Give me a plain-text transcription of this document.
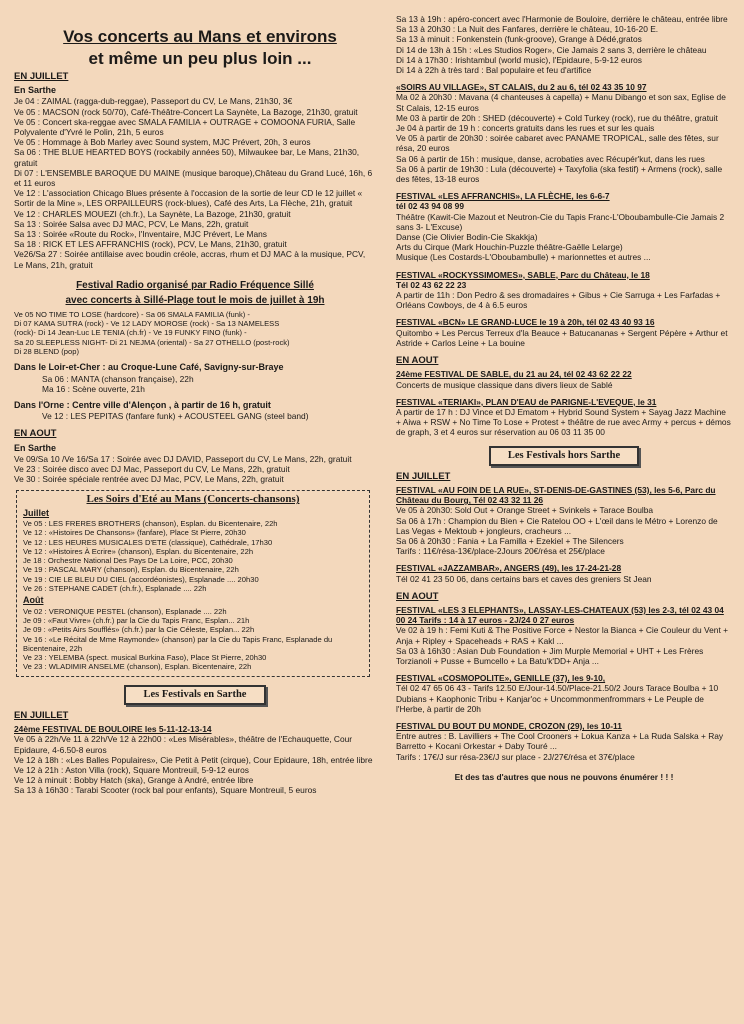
Vos concerts au Mans et environs
et même un peu plus loin ...
EN JUILLET
En Sarthe
Je 04 : ZAIMAL (ragga-dub-reggae), Passeport du CV, Le Mans, 21h30, 3€
Ve 05 : MACSON (rock 50/70), Café-Théâtre-Concert La Saynète, La Bazoge, 21h30, gratuit
Ve 05 : Concert ska-reggae avec SMALA FAMILIA + OUTRAGE + COMOONA FURIA, Salle Polyvalente d'Yvré le Polin, 21h, 5 euros
Ve 05 : Hommage à Bob Marley avec Sound system, MJC Prévert, 20h, 3 euros
Sa 06 : THE BLUE HEARTED BOYS (rockabily années 50), Milwaukee bar, Le Mans, 21h30, gratuit
Di 07 : L'ENSEMBLE BAROQUE DU MAINE (musique baroque),Château du Grand Lucé, 16h, 6 et 11 euros
Ve 12 : L'association Chicago Blues présente à l'occasion de la sortie de leur CD le 12 juillet « Sortir de la Mine », LES ORPAILLEURS (rock-blues), Café des Arts, La Flèche, 21h, gratuit
Ve 12 : CHARLES MOUEZI (ch.fr.), La Saynète, La Bazoge, 21h30, gratuit
Sa 13 : Soirée Salsa avec DJ MAC, PCV, Le Mans, 22h, gratuit
Sa 13 : Soirée «Route du Rock», l'Inventaire, MJC Prévert, Le Mans
Sa 18 : RICK ET LES AFFRANCHIS (rock), PCV, Le Mans, 21h30, gratuit
Ve26/Sa 27 : Soirée antillaise avec boudin créole, accras, rhum et DJ MAC à la musique, PCV, Le Mans, 21h, gratuit
Festival Radio organisé par Radio Fréquence Sillé
avec concerts à Sillé-Plage tout le mois de juillet à 19h
Ve 05 NO TIME TO LOSE (hardcore) - Sa 06 SMALA FAMILIA (funk) -
Di 07 KAMA SUTRA (rock) - Ve 12 LADY MOROSE (rock) - Sa 13 NAMELESS
(rock)- Di 14 Jean-Luc LE TENIA (ch.fr) - Ve 19 FUNKY FINO (funk) -
Sa 20 SLEEPLESS NIGHT- Di 21 NEJMA (oriental) - Sa 27 OTHELLO (post-rock)
Di 28 BLEND (pop)
Dans le Loir-et-Cher : au Croque-Lune Café, Savigny-sur-Braye
Sa 06 : MANTA (chanson française), 22h
Ma 16 : Scène ouverte, 21h
Dans l'Orne : Centre ville d'Alençon , à partir de 16 h, gratuit
Ve 12 : LES PEPITAS (fanfare funk) + ACOUSTEEL GANG (steel band)
EN AOUT
En Sarthe
Ve 09/Sa 10 /Ve 16/Sa 17 : Soirée avec DJ DAVID, Passeport du CV, Le Mans, 22h, gratuit
Ve 23 : Soirée disco avec DJ Mac, Passeport du CV, Le Mans, 22h, gratuit
Ve 30 : Soirée spéciale rentrée avec DJ Mac, PCV, Le Mans, 22h, gratuit
Les Soirs d'Eté au Mans (Concerts-chansons)
Juillet
Ve 05 : LES FRERES BROTHERS (chanson), Esplan. du Bicentenaire, 22h
Ve 12 : «Histoires De Chansons» (fanfare), Place St Pierre, 20h30
Ve 12 : LES HEURES MUSICALES D'ETE (classique), Cathédrale, 17h30
Ve 12 : «Histoires À Ecrire» (chanson), Esplan. du Bicentenaire, 22h
Je 18 : Orchestre National Des Pays De La Loire, PCC, 20h30
Ve 19 : PASCAL MARY (chanson), Esplan. du Bicentenaire, 22h
Ve 19 : CIE LE BLEU DU CIEL (accordéonistes), Esplanade .... 20h30
Ve 26 : STEPHANE CADET (ch.fr.), Esplanade .... 22h
Août
Ve 02 : VERONIQUE PESTEL (chanson), Esplanade .... 22h
Je 09 : «Faut Vivre» (ch.fr.) par la Cie du Tapis Franc, Esplan... 21h
Je 09 : «Petits Airs Soufflés» (ch.fr.) par la Cie Céleste, Esplan... 22h
Ve 16 : «Le Récital de Mme Raymonde» (chanson) par la Cie du Tapis Franc, Esplanade du Bicentenaire, 22h
Ve 23 : YELEMBA (spect. musical Burkina Faso), Place St Pierre, 20h30
Ve 23 : WLADIMIR ANSELME (chanson), Esplan. Bicentenaire, 22h
Les Festivals en Sarthe
EN JUILLET
24ème FESTIVAL DE BOULOIRE les 5-11-12-13-14
Ve 05 à 22h/Ve 11 à 22h/Ve 12 à 22h00 : «Les Misérables», théâtre de l'Echauquette, Cour Epidaure, 4-6.50-8 euros
Ve 12 à 18h : «Les Balles Populaires», Cie Petit à Petit (cirque), Cour Epidaure, 18h, entrée libre
Ve 12 à 21h : Aston Villa (rock), Square Montreuil, 5-9-12 euros
Ve 12 à minuit : Bobby Hatch (ska), Grange à André, entrée libre
Sa 13 à 16h30 : Tarabi Scooter (rock bal pour enfants), Square Montreuil, 5 euros
Sa 13 à 19h : apéro-concert avec l'Harmonie de Bouloire, derrière le château, entrée libre
Sa 13 à 20h30 : La Nuit des Fanfares, derrière le château, 10-16-20 E.
Sa 13 à minuit : Fonkenstein (funk-groove), Grange à Dédé,gratos
Di 14 de 13h à 15h : «Les Studios Roger», Cie Jamais 2 sans 3, derrière le château
Di 14 à 17h30 : Irishtambul (world music), l'Epidaure, 5-9-12 euros
Di 14 à 22h à très tard : Bal populaire et feu d'artifice
«SOIRS AU VILLAGE», ST CALAIS, du 2 au 6, tél 02 43 35 10 97
Ma 02 à 20h30 : Mavana (4 chanteuses à capella) + Manu Dibango et son sax, Eglise de St Calais, 12-15 euros
Me 03 à partir de 20h : SHED (découverte) + Cold Turkey (rock), rue du théâtre, gratuit
Je 04 à partir de 19 h : concerts gratuits dans les rues et sur les quais
Ve 05 à partir de 20h30 : soirée cabaret avec PANAME TROPICAL, salle des fêtes, sur résa, 20 euros
Sa 06 à partir de 15h : musique, danse, acrobaties avec Récupér'kut, dans les rues
Sa 06 à partir de 19h30 : Lula (découverte) + Taxyfolia (ska festif) + Armens (rock), salle des fêtes, 13-18 euros
FESTIVAL «LES AFFRANCHIS», LA FLÈCHE, les 6-6-7
tél 02 43 94 08 99
Théâtre (Kawit-Cie Mazout et Neutron-Cie du Tapis Franc-L'Oboubambulle-Cie Jamais 2 sans 3- L'Excuse)
Danse (Cie Olivier Bodin-Cie Skakkja)
Arts du Cirque (Mark Houchin-Puzzle théâtre-Gaëlle Lelarge)
Musique (Les Costards-L'Oboubambulle) + marionnettes et autres ...
FESTIVAL «ROCKYSSIMOMES», SABLE, Parc du Château, le 18
Tél 02 43 62 22 23
A partir de 11h : Don Pedro & ses dromadaires + Gibus + Cie Sarruga + Les Farfadas + Orléans Cowboys, de 4 à 6.5 euros
FESTIVAL «BCN» LE GRAND-LUCE le 19 à 20h, tél 02 43 40 93 16
Quitombo + Les Percus Terreux d'la Beauce + Batucananas + Sergent Pépère + Arthur et Astride + Carlos Leine + La bouine
EN AOUT
24ème FESTIVAL DE SABLE, du 21 au 24, tél 02 43 62 22 22
Concerts de musique classique dans divers lieux de Sablé
FESTIVAL «TERIAKI», PLAN D'EAU de PARIGNE-L'EVEQUE, le 31
A partir de 17 h : DJ Vince et DJ Ematom + Hybrid Sound System + Sayag Jazz Machine + Aiwa + RSW + No Time To Lose + Protest + théâtre de rue avec Army + percus + démos de graph, 3 et 4 euros sur réservation au 06 03 11 35 00
Les Festivals hors Sarthe
EN JUILLET
FESTIVAL «AU FOIN DE LA RUE», ST-DENIS-DE-GASTINES (53), les 5-6, Parc du Château du Bourg, Tél 02 43 32 11 26
Ve 05 à 20h30: Sold Out + Orange Street + Svinkels + Tarace Boulba
Sa 06 à 17h : Champion du Bien + Cie Ratelou OO + L'œil dans le Métro + Lorenzo de Las Vegas + Mektoub + jongleurs, cracheurs ...
Sa 06 à 20h30 : Fania + La Familla + Ezekiel + The Silencers
Tarifs : 11€/résa-13€/place-2Jours 20€/résa et 25€/place
FESTIVAL «JAZZAMBAR», ANGERS (49), les 17-24-21-28
Tél 02 41 23 50 06, dans certains bars et caves des greniers St Jean
EN AOUT
FESTIVAL «LES 3 ELEPHANTS», LASSAY-LES-CHATEAUX (53) les 2-3, tél 02 43 04 00 24 Tarifs : 14 à 17 euros - 2J/24 0 27 euros
Ve 02 à 19 h : Femi Kuti & The Positive Force + Nestor la Bianca + Cie Couleur du Vent + Anja + Ripley + Spaceheads + RAS + Kakl ...
Sa 03 à 16h30 : Asian Dub Foundation + Jim Murple Memorial + UHT + Les Frères Torzianoli + Pusse + Bumcello + La Batu'k'DD+ Anja ...
FESTIVAL «COSMOPOLITE», GENILLE (37), les 9-10,
Tél 02 47 65 06 43 - Tarifs 12.50 E/Jour-14.50/Place-21.50/2 Jours Tarace Boulba + 10 Dubians + Kaophonic Tribu + Kanjar'oc + Uncommonmenfrommars + Le Peuple de l'Herbe, à partir de 20h
FESTIVAL DU BOUT DU MONDE, CROZON (29), les 10-11
Entre autres : B. Lavilliers + The Cool Crooners + Lokua Kanza + La Ruda Salska + Ray Barretto + Kocani Orkestar + Daby Touré ...
Tarifs : 17€/J sur résa-23€/J sur place - 2J/27€/résa et 37€/place
Et des tas d'autres que nous ne pouvons énumérer ! ! !
